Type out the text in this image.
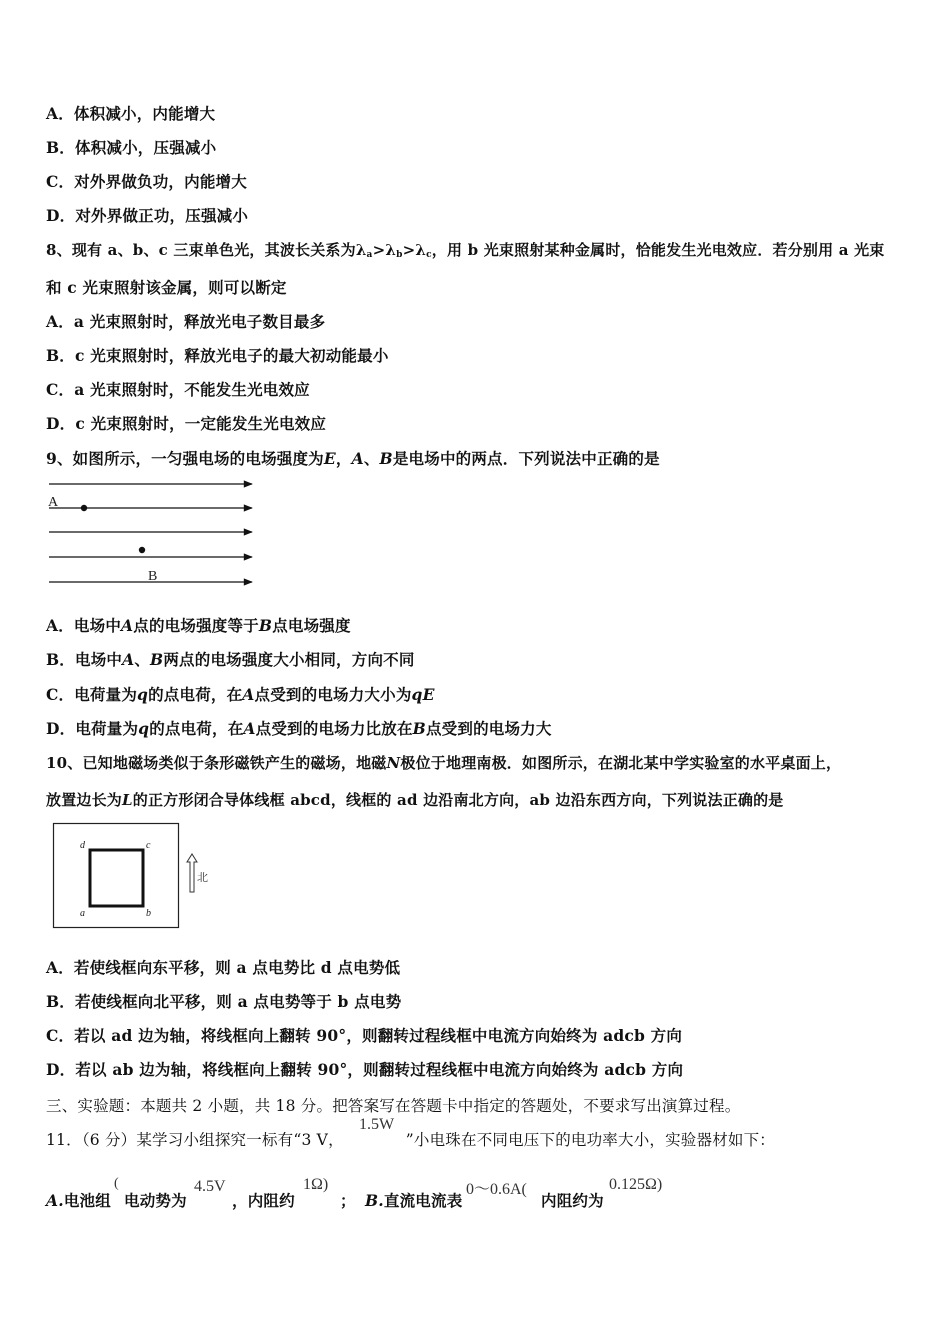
A．体积减小，内能增大
B．体积减小，压强减小
C．对外界做负功，内能增大
D．对外界做正功，压强减小
8、现有 a、b、c 三束单色光，其波长关系为$\lambda_a>\lambda_b>\lambda_c$，用 b 光束照射某种金属时，恰能发生光电效应．若分别用 a 光束
和 c 光束照射该金属，则可以断定
A．a 光束照射时，释放光电子数目最多
B．c 光束照射时，释放光电子的最大初动能最小
C．a 光束照射时，不能发生光电效应
D．c 光束照射时，一定能发生光电效应
9、如图所示，一匀强电场的电场强度为E，A、B是电场中的两点．下列说法中正确的是
A
B
A．电场中A点的电场强度等于B点电场强度
B．电场中A、B两点的电场强度大小相同，方向不同
C．电荷量为q的点电荷，在A点受到的电场力大小为qE
D．电荷量为q的点电荷，在A点受到的电场力比放在B点受到的电场力大
10、已知地磁场类似于条形磁铁产生的磁场，地磁N极位于地理南极．如图所示，在湖北某中学实验室的水平桌面上，
放置边长为L的正方形闭合导体线框 abcd，线框的 ad 边沿南北方向，ab 边沿东西方向，下列说法正确的是
d	c
a	b
北
A．若使线框向东平移，则 a 点电势比 d 点电势低
B．若使线框向北平移，则 a 点电势等于 b 点电势
C．若以 ad 边为轴，将线框向上翻转 90°，则翻转过程线框中电流方向始终为 adcb 方向
D．若以 ab 边为轴，将线框向上翻转 90°，则翻转过程线框中电流方向始终为 adcb 方向
三、实验题：本题共 2 小题，共 18 分。把答案写在答题卡中指定的答题处，不要求写出演算过程。
11．（6 分）某学习小组探究一标有“3 V，	”小电珠在不同电压下的电功率大小，实验器材如下：
1.5W
A.电池组
(
电动势为
4.5V
，内阻约
1Ω)
； B.直流电流表
0～0.6A(
内阻约为
0.125Ω)
